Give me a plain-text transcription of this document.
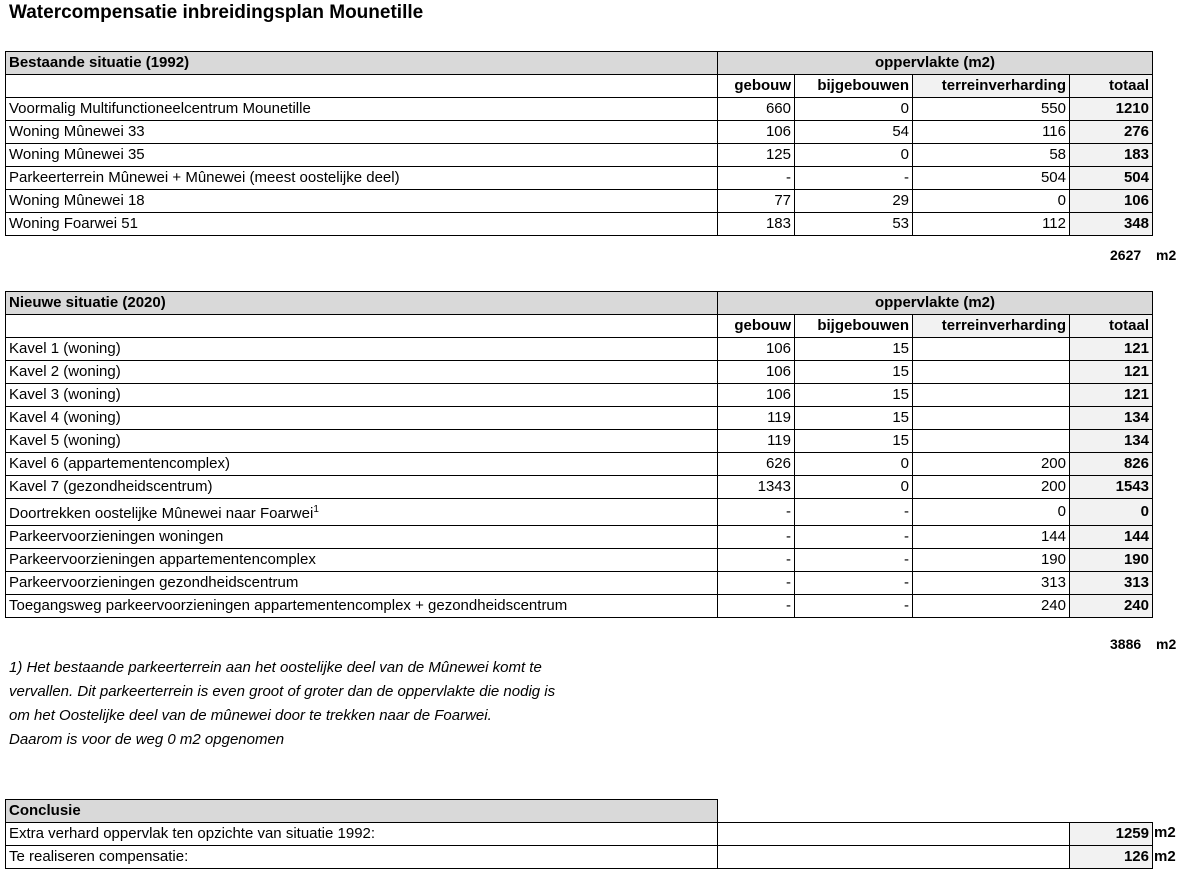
Watercompensatie inbreidingsplan Mounetille
Bestaande situatie (1992)	oppervlakte (m2)			
	gebouw	bijgebouwen	terreinverharding	totaal
Voormalig Multifunctioneelcentrum Mounetille	660	0	550	1210
Woning Mûnewei 33	106	54	116	276
Woning Mûnewei 35	125	0	58	183
Parkeerterrein Mûnewei + Mûnewei (meest oostelijke deel)	-	-	504	504
Woning Mûnewei 18	77	29	0	106
Woning Foarwei 51	183	53	112	348
2627 m2
Nieuwe situatie (2020)	oppervlakte (m2)			
	gebouw	bijgebouwen	terreinverharding	totaal
Kavel 1 (woning)	106	15		121
Kavel 2 (woning)	106	15		121
Kavel 3 (woning)	106	15		121
Kavel 4 (woning)	119	15		134
Kavel 5 (woning)	119	15		134
Kavel 6 (appartementencomplex)	626	0	200	826
Kavel 7 (gezondheidscentrum)	1343	0	200	1543
Doortrekken oostelijke Mûnewei naar Foarwei$^1$	-	-	0	0
Parkeervoorzieningen woningen	-	-	144	144
Parkeervoorzieningen appartementencomplex	-	-	190	190
Parkeervoorzieningen gezondheidscentrum	-	-	313	313
Toegangsweg parkeervoorzieningen appartementencomplex + gezondheidscentrum	-	-	240	240
3886 m2
1) Het bestaande parkeerterrein aan het oostelijke deel van de Mûnewei komt te
vervallen. Dit parkeerterrein is even groot of groter dan de oppervlakte die nodig is
om het Oostelijke deel van de mûnewei door te trekken naar de Foarwei.
Daarom is voor de weg 0 m2 opgenomen
Conclusie		
Extra verhard oppervlak ten opzichte van situatie 1992:		1259
Te realiseren compensatie:		126
m2
m2
